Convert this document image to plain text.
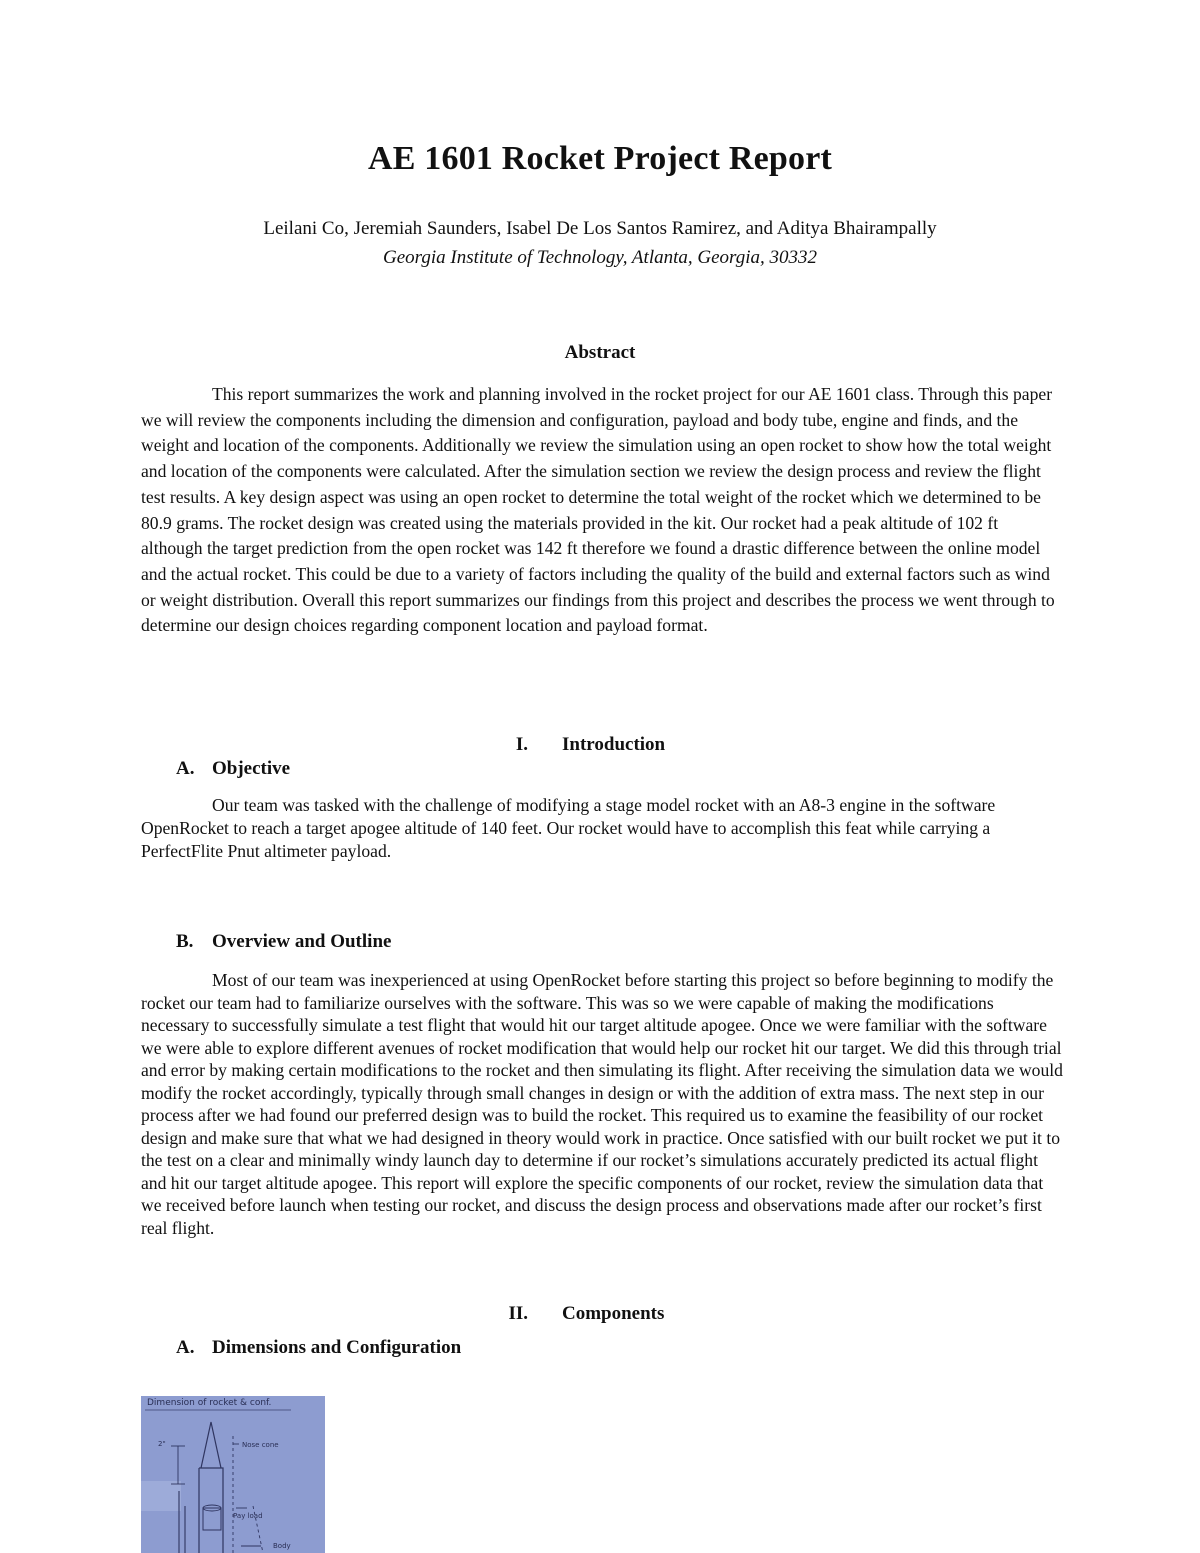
AE 1601 Rocket Project Report
Leilani Co, Jeremiah Saunders, Isabel De Los Santos Ramirez, and Aditya Bhairampally
Georgia Institute of Technology, Atlanta, Georgia, 30332
Abstract

This report summarizes the work and planning involved in the rocket project for our AE 1601 class. Through this paper we will review the components including the dimension and configuration, payload and body tube, engine and finds, and the weight and location of the components. Additionally we review the simulation using an open rocket to show how the total weight and location of the components were calculated. After the simulation section we review the design process and review the flight test results. A key design aspect was using an open rocket to determine the total weight of the rocket which we determined to be 80.9 grams. The rocket design was created using the materials provided in the kit. Our rocket had a peak altitude of 102 ft although the target prediction from the open rocket was 142 ft therefore we found a drastic difference between the online model and the actual rocket. This could be due to a variety of factors including the quality of the build and external factors such as wind or weight distribution. Overall this report summarizes our findings from this project and describes the process we went through to determine our design choices regarding component location and payload format.

I. Introduction
A. Objective

Our team was tasked with the challenge of modifying a stage model rocket with an A8-3 engine in the software OpenRocket to reach a target apogee altitude of 140 feet. Our rocket would have to accomplish this feat while carrying a PerfectFlite Pnut altimeter payload.

B. Overview and Outline

Most of our team was inexperienced at using OpenRocket before starting this project so before beginning to modify the rocket our team had to familiarize ourselves with the software. This was so we were capable of making the modifications necessary to successfully simulate a test flight that would hit our target altitude apogee. Once we were familiar with the software we were able to explore different avenues of rocket modification that would help our rocket hit our target. We did this through trial and error by making certain modifications to the rocket and then simulating its flight. After receiving the simulation data we would modify the rocket accordingly, typically through small changes in design or with the addition of extra mass. The next step in our process after we had found our preferred design was to build the rocket. This required us to examine the feasibility of our rocket design and make sure that what we had designed in theory would work in practice. Once satisfied with our built rocket we put it to the test on a clear and minimally windy launch day to determine if our rocket’s simulations accurately predicted its actual flight and hit our target altitude apogee. This report will explore the specific components of our rocket, review the simulation data that we received before launch when testing our rocket, and discuss the design process and observations made after our rocket’s first real flight.

II. Components
A. Dimensions and Configuration
Dimension of rocket & conf.
2"	Nose cone
Pay load
Body
